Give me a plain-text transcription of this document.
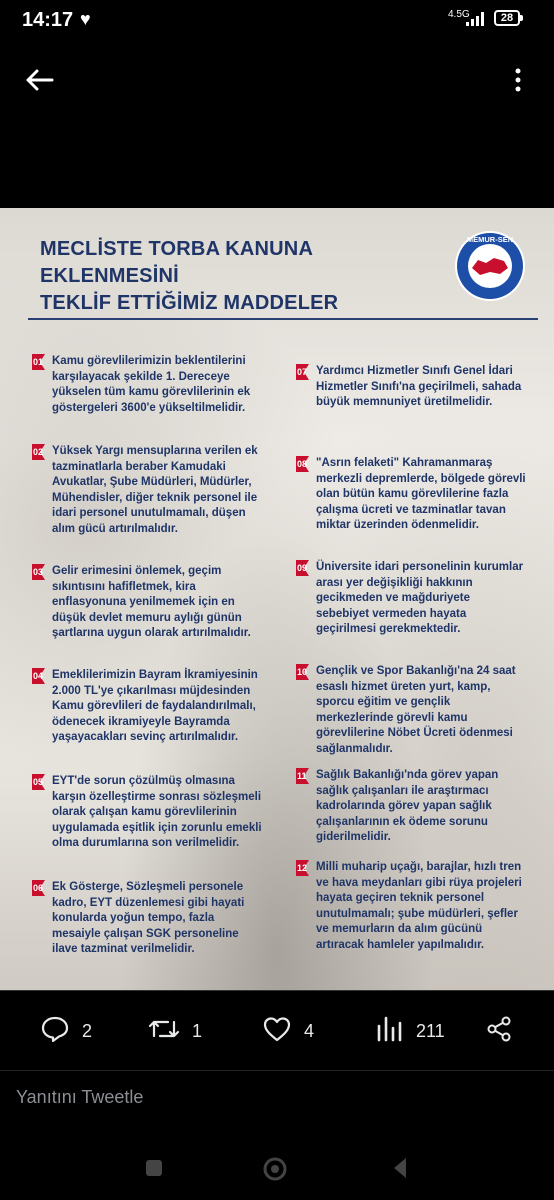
14:17 ♥	4.5G	28
MECLİSTE TORBA KANUNA EKLENMESİNİ
TEKLİF ETTİĞİMİZ MADDELER
MEMUR-SEN
01 Kamu görevlilerimizin beklentilerini karşılayacak şekilde 1. Dereceye yükselen tüm kamu görevlilerinin ek göstergeleri 3600'e yükseltilmelidir.
02 Yüksek Yargı mensuplarına verilen ek tazminatlarla beraber Kamudaki Avukatlar, Şube Müdürleri, Müdürler, Mühendisler, diğer teknik personel ile idari personel unutulmamalı, düşen alım gücü artırılmalıdır.
03 Gelir erimesini önlemek, geçim sıkıntısını hafifletmek, kira enflasyonuna yenilmemek için en düşük devlet memuru aylığı günün şartlarına uygun olarak artırılmalıdır.
04 Emeklilerimizin Bayram İkramiyesinin 2.000 TL'ye çıkarılması müjdesinden Kamu görevlileri de faydalandırılmalı, ödenecek ikramiyeyle Bayramda yaşayacakları sevinç artırılmalıdır.
05 EYT'de sorun çözülmüş olmasına karşın özelleştirme sonrası sözleşmeli olarak çalışan kamu görevlilerinin uygulamada eşitlik için zorunlu emekli olma durumlarına son verilmelidir.
06 Ek Gösterge, Sözleşmeli personele kadro, EYT düzenlemesi gibi hayati konularda yoğun tempo, fazla mesaiyle çalışan SGK personeline ilave tazminat verilmelidir.
07 Yardımcı Hizmetler Sınıfı Genel İdari Hizmetler Sınıfı'na geçirilmeli, sahada büyük memnuniyet üretilmelidir.
08 "Asrın felaketi" Kahramanmaraş merkezli depremlerde, bölgede görevli olan bütün kamu görevlilerine fazla çalışma ücreti ve tazminatlar tavan miktar üzerinden ödenmelidir.
09 Üniversite idari personelinin kurumlar arası yer değişikliği hakkının gecikmeden ve mağduriyete sebebiyet vermeden hayata geçirilmesi gerekmektedir.
10 Gençlik ve Spor Bakanlığı'na 24 saat esaslı hizmet üreten yurt, kamp, sporcu eğitim ve gençlik merkezlerinde görevli kamu görevlilerine Nöbet Ücreti ödenmesi sağlanmalıdır.
11 Sağlık Bakanlığı'nda görev yapan sağlık çalışanları ile araştırmacı kadrolarında görev yapan sağlık çalışanlarının ek ödeme sorunu giderilmelidir.
12 Milli muharip uçağı, barajlar, hızlı tren ve hava meydanları gibi rüya projeleri hayata geçiren teknik personel unutulmamalı; şube müdürleri, şefler ve memurların da alım gücünü artıracak hamleler yapılmalıdır.
2	1	4	211
Yanıtını Tweetle
